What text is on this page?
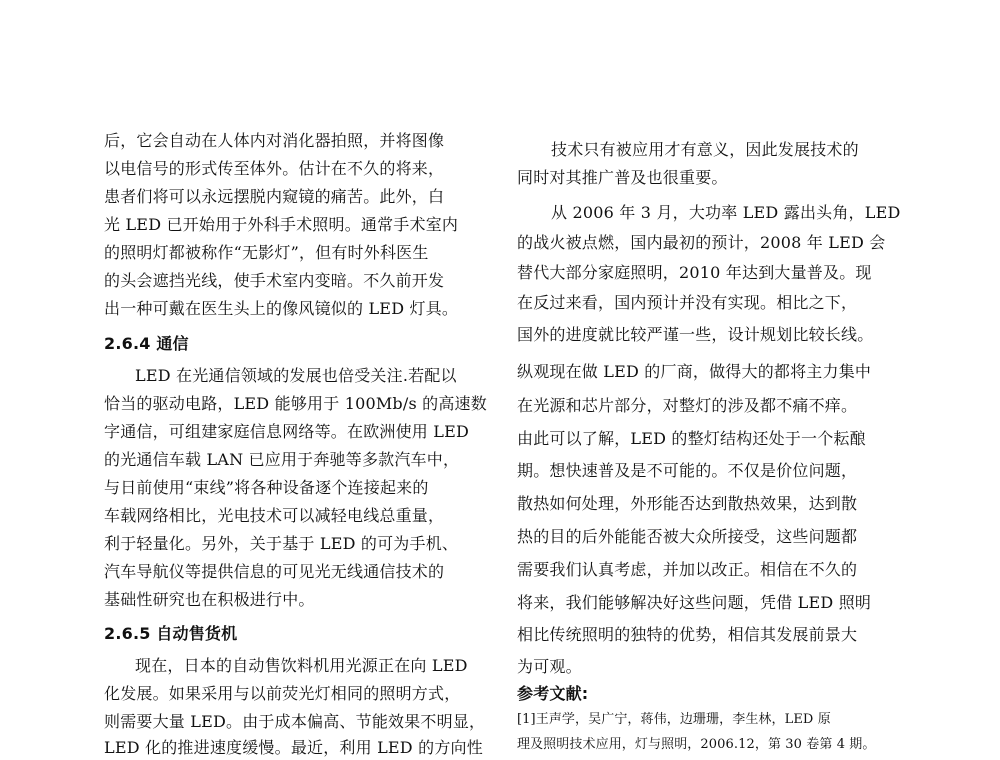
后，它会自动在人体内对消化器拍照，并将图像
以电信号的形式传至体外。估计在不久的将来，
患者们将可以永远摆脱内窥镜的痛苦。此外，白
光 LED 已开始用于外科手术照明。通常手术室内
的照明灯都被称作“无影灯”，但有时外科医生
的头会遮挡光线，使手术室内变暗。不久前开发
出一种可戴在医生头上的像风镜似的 LED 灯具。
2.6.4 通信
LED 在光通信领域的发展也倍受关注.若配以
恰当的驱动电路，LED 能够用于 100Mb/s 的高速数
字通信，可组建家庭信息网络等。在欧洲使用 LED
的光通信车载 LAN 已应用于奔驰等多款汽车中，
与日前使用“束线”将各种设备逐个连接起来的
车载网络相比，光电技术可以减轻电线总重量，
利于轻量化。另外，关于基于 LED 的可为手机、
汽车导航仪等提供信息的可见光无线通信技术的
基础性研究也在积极进行中。
2.6.5 自动售货机
现在，日本的自动售饮料机用光源正在向 LED
化发展。如果采用与以前荧光灯相同的照明方式，
则需要大量 LED。由于成本偏高、节能效果不明显，
LED 化的推进速度缓慢。最近，利用 LED 的方向性
技术只有被应用才有意义，因此发展技术的
同时对其推广普及也很重要。
从 2006 年 3 月，大功率 LED 露出头角，LED
的战火被点燃，国内最初的预计，2008 年 LED 会
替代大部分家庭照明，2010 年达到大量普及。现
在反过来看，国内预计并没有实现。相比之下，
国外的进度就比较严谨一些，设计规划比较长线。
纵观现在做 LED 的厂商，做得大的都将主力集中
在光源和芯片部分，对整灯的涉及都不痛不痒。
由此可以了解，LED 的整灯结构还处于一个耘酿
期。想快速普及是不可能的。不仅是价位问题，
散热如何处理，外形能否达到散热效果，达到散
热的目的后外能能否被大众所接受，这些问题都
需要我们认真考虑，并加以改正。相信在不久的
将来，我们能够解决好这些问题，凭借 LED 照明
相比传统照明的独特的优势，相信其发展前景大
为可观。
参考文献:
[1]王声学，吴广宁，蒋伟，边珊珊，李生林，LED 原
理及照明技术应用，灯与照明，2006.12，第 30 卷第 4 期。
